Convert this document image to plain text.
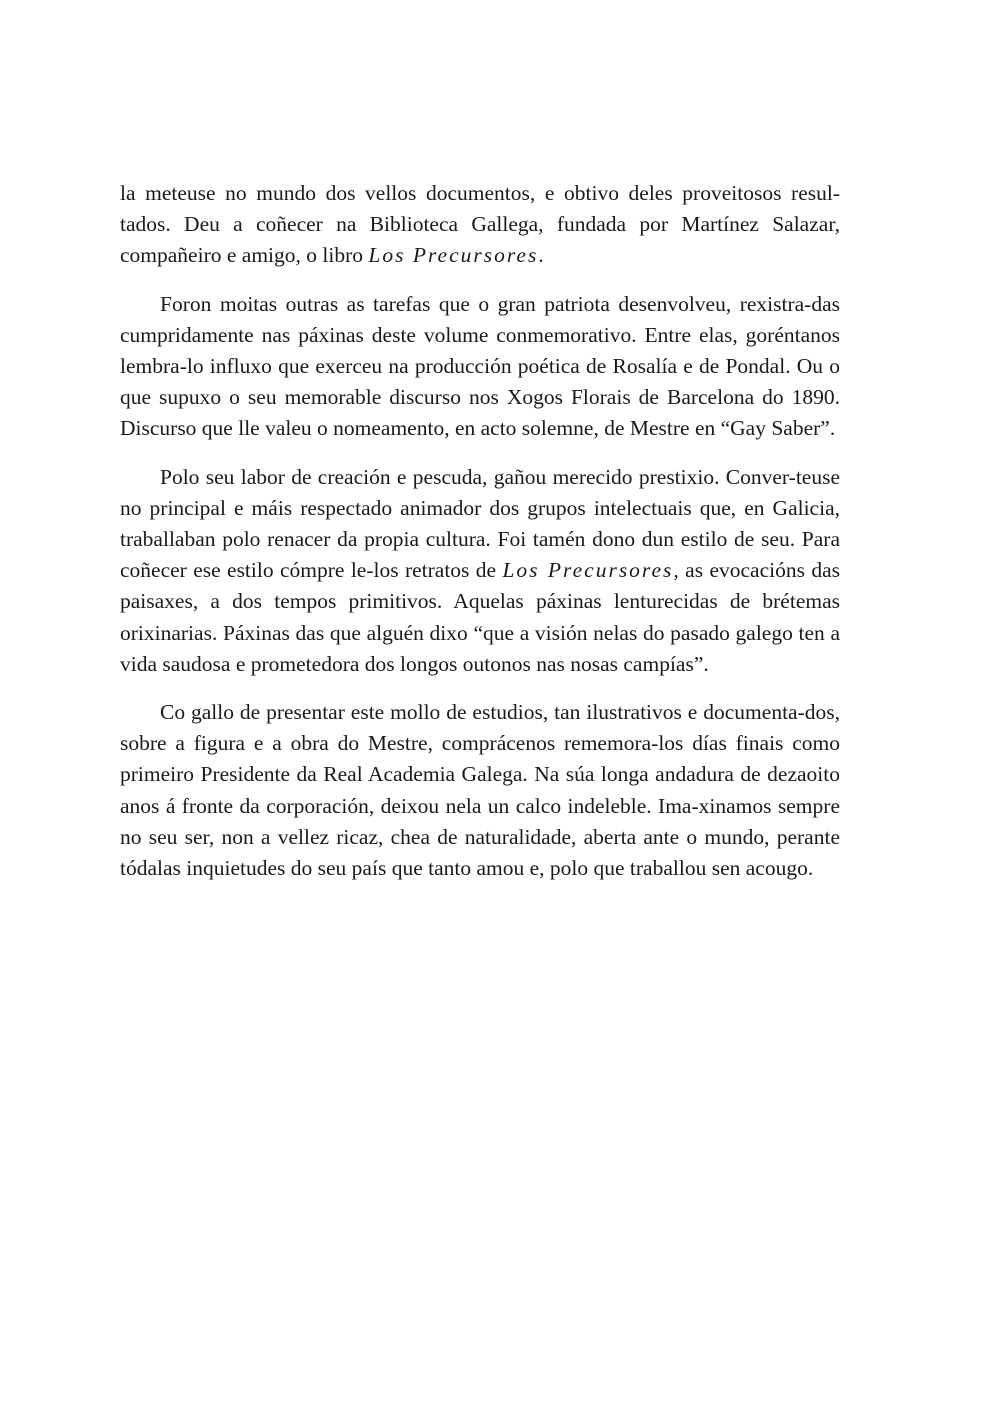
la meteuse no mundo dos vellos documentos, e obtivo deles proveitosos resul-tados. Deu a coñecer na Biblioteca Gallega, fundada por Martínez Salazar, compañeiro e amigo, o libro Los Precursores.

Foron moitas outras as tarefas que o gran patriota desenvolveu, rexistra-das cumpridamente nas páxinas deste volume conmemorativo. Entre elas, goréntanos lembra-lo influxo que exerceu na producción poética de Rosalía e de Pondal. Ou o que supuxo o seu memorable discurso nos Xogos Florais de Barcelona do 1890. Discurso que lle valeu o nomeamento, en acto solemne, de Mestre en “Gay Saber”.

Polo seu labor de creación e pescuda, gañou merecido prestixio. Conver-teuse no principal e máis respectado animador dos grupos intelectuais que, en Galicia, traballaban polo renacer da propia cultura. Foi tamén dono dun estilo de seu. Para coñecer ese estilo cómpre le-los retratos de Los Precursores, as evocacións das paisaxes, a dos tempos primitivos. Aquelas páxinas lenturecidas de brétemas orixinarias. Páxinas das que alguén dixo “que a visión nelas do pasado galego ten a vida saudosa e prometedora dos longos outonos nas nosas campías”.

Co gallo de presentar este mollo de estudios, tan ilustrativos e documenta-dos, sobre a figura e a obra do Mestre, comprácenos rememora-los días finais como primeiro Presidente da Real Academia Galega. Na súa longa andadura de dezaoito anos á fronte da corporación, deixou nela un calco indeleble. Ima-xinamos sempre no seu ser, non a vellez ricaz, chea de naturalidade, aberta ante o mundo, perante tódalas inquietudes do seu país que tanto amou e, polo que traballou sen acougo.
